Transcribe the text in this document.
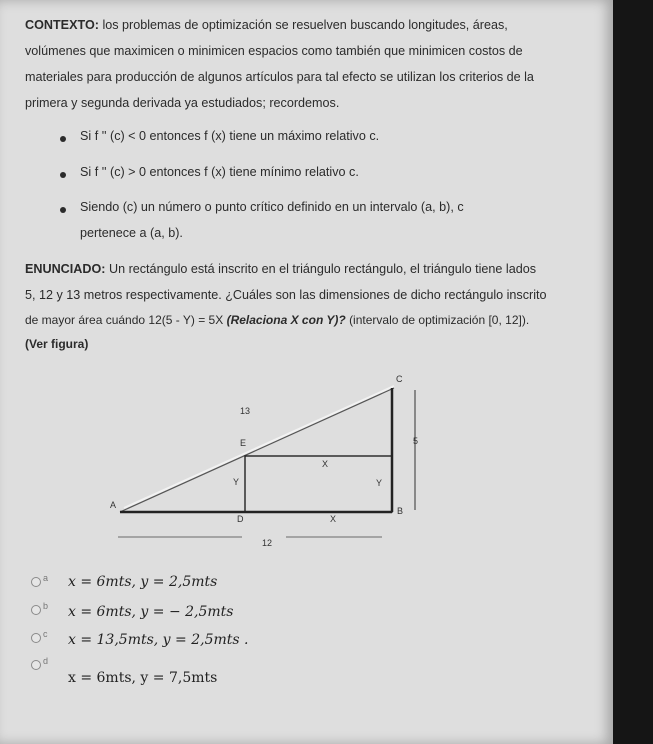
CONTEXTO: los problemas de optimización se resuelven buscando longitudes, áreas,
volúmenes que maximicen o minimicen espacios como también que minimicen costos de
materiales para producción de algunos artículos para tal efecto se utilizan los criterios de la
primera y segunda derivada ya estudiados; recordemos.
Si f '' (c) < 0 entonces f (x) tiene un máximo relativo c.
Si f '' (c) > 0 entonces f (x) tiene mínimo relativo c.
Siendo (c) un número o punto crítico definido en un intervalo (a, b), c
pertenece a (a, b).
ENUNCIADO: Un rectángulo está inscrito en el triángulo rectángulo, el triángulo tiene lados
5, 12 y 13 metros respectivamente. ¿Cuáles son las dimensiones de dicho rectángulo inscrito
de mayor área cuándo 12(5 - Y) = 5X (Relaciona X con Y)? (intervalo de optimización [0, 12]).
(Ver figura)
C
13
E	5
X
Y	Y
A
B
D	X
12
a x = 6mts, y = 2,5mts
b x = 6mts, y = − 2,5mts
c x = 13,5mts, y = 2,5mts .
d
x = 6mts, y = 7,5mts
